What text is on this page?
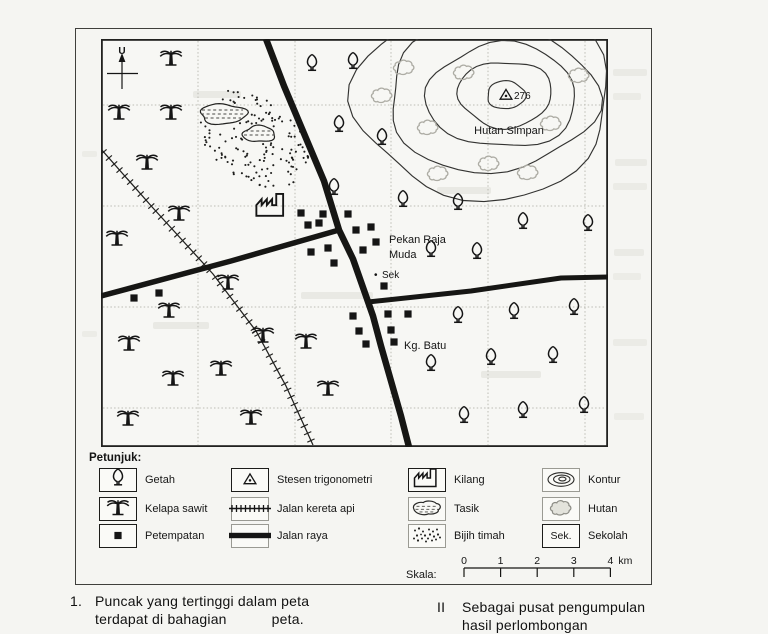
U
276
Hutan Simpan
Pekan Raja
Muda
• Sek
Kg. Batu
Petunjuk:
Getah
Kelapa sawit
Petempatan
Stesen trigonometri
Jalan kereta api
Jalan raya
Kilang
Tasik
Bijih timah
Kontur
Hutan
Sek. Sekolah
Skala:
0	1	2	3	4 km
1. Puncak yang tertinggi dalam peta
terdapat di bahagian           peta.
II	Sebagai pusat pengumpulan
hasil perlombongan
